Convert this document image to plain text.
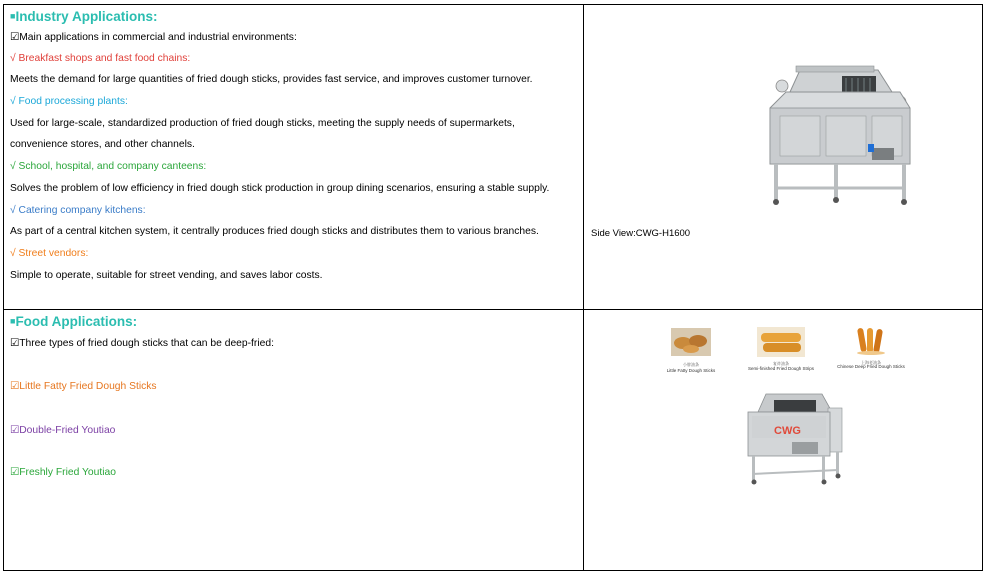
■Industry Applications:
☑Main applications in commercial and industrial environments:
√ Breakfast shops and fast food chains:
Meets the demand for large quantities of fried dough sticks, provides fast service, and improves customer turnover.
√ Food processing plants:
Used for large-scale, standardized production of fried dough sticks, meeting the supply needs of supermarkets,
convenience stores, and other channels.
√ School, hospital, and company canteens:
Solves the problem of low efficiency in fried dough stick production in group dining scenarios, ensuring a stable supply.
√ Catering company kitchens:
As part of a central kitchen system, it centrally produces fried dough sticks and distributes them to various branches.
√ Street vendors:
Simple to operate, suitable for street vending, and saves labor costs.
Side View:CWG-H1600
■Food Applications:
☑Three types of fried dough sticks that can be deep-fried:
☑Little Fatty Fried Dough Sticks
☑Double-Fried Youtiao
☑Freshly Fried Youtiao
小胖油条
Little Fatty Dough Sticks
复炸油条
Semi-finished Fried Dough Strips
上海老油条
Chinese Deep Fried Dough Sticks
CWG
